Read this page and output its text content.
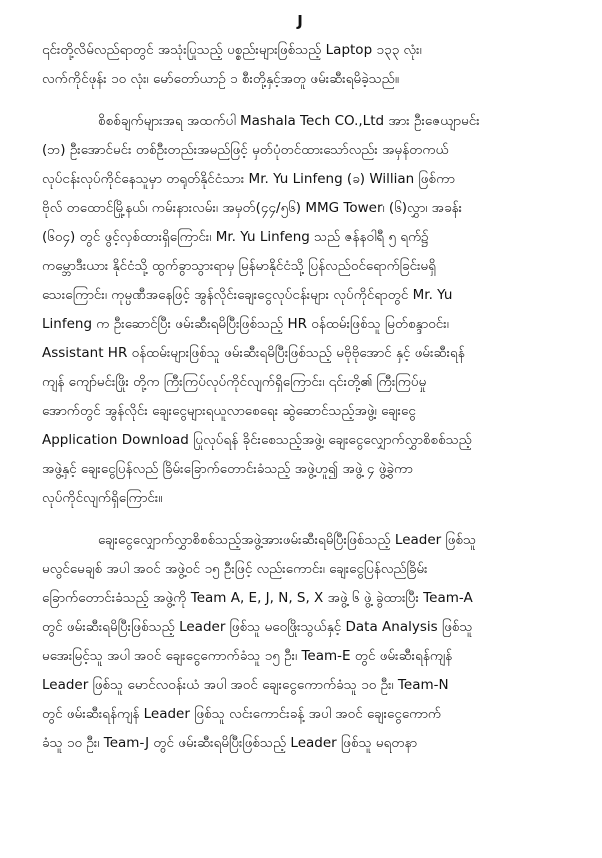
J

၎င်းတို့လိမ်လည်ရာတွင် အသုံးပြုသည့် ပစ္စည်းများဖြစ်သည့် Laptop ၁၃၃ လုံး၊
လက်ကိုင်ဖုန်း ၁၀ လုံး၊ မော်တော်ယာဉ် ၁ စီးတို့နှင့်အတူ ဖမ်းဆီးရမိခဲ့သည်။

စိစစ်ချက်များအရ အထက်ပါ Mashala Tech CO.,Ltd အား ဦးဇေယျာမင်း
(ဘ) ဦးအောင်မင်း တစ်ဦးတည်းအမည်ဖြင့် မှတ်ပုံတင်ထားသော်လည်း အမှန်တကယ်
လုပ်ငန်းလုပ်ကိုင်နေသူမှာ တရုတ်နိုင်ငံသား Mr. Yu Linfeng (ခ) Willian ဖြစ်ကာ
ဗိုလ် တထောင်မြို့နယ်၊ ကမ်းနားလမ်း၊ အမှတ်(၄၄/၅၆) MMG Tower၊ (၆)လွှာ၊ အခန်း
(၆၀၄) တွင် ဖွင့်လှစ်ထားရှိကြောင်း၊ Mr. Yu Linfeng သည် ဇန်နဝါရီ ၅ ရက်၌
ကမ္ဘောဒီးယား နိုင်ငံသို့ ထွက်ခွာသွားရာမှ မြန်မာနိုင်ငံသို့ ပြန်လည်ဝင်ရောက်ခြင်းမရှိ
သေးကြောင်း၊ ကုမ္ပဏီအနေဖြင့် အွန်လိုင်းချေးငွေလုပ်ငန်းများ လုပ်ကိုင်ရာတွင် Mr. Yu
Linfeng က ဦးဆောင်ပြီး ဖမ်းဆီးရမိပြီးဖြစ်သည့် HR ဝန်ထမ်းဖြစ်သူ မြတ်စန္ဒာဝင်း၊
Assistant HR ဝန်ထမ်းများဖြစ်သူ ဖမ်းဆီးရမိပြီးဖြစ်သည့် မဗိုဗိုအောင် နှင့် ဖမ်းဆီးရန်
ကျန် ကျော်မင်းဖြိုး တို့က ကြီးကြပ်လုပ်ကိုင်လျက်ရှိကြောင်း၊ ၎င်းတို့၏ ကြီးကြပ်မှု
အောက်တွင် အွန်လိုင်း ချေးငွေများရယူလာစေရေး ဆွဲဆောင်သည့်အဖွဲ့၊ ချေးငွေ
Application Download ပြုလုပ်ရန် ခိုင်းစေသည့်အဖွဲ့၊ ချေးငွေလျှောက်လွှာစိစစ်သည့်
အဖွဲ့နှင့် ချေးငွေပြန်လည် ခြိမ်းခြောက်တောင်းခံသည့် အဖွဲ့ဟူ၍ အဖွဲ့ ၄ ဖွဲ့ခွဲကာ
လုပ်ကိုင်လျက်ရှိကြောင်း။

ချေးငွေလျှောက်လွှာစိစစ်သည့်အဖွဲ့အားဖမ်းဆီးရမိပြီးဖြစ်သည့် Leader ဖြစ်သူ
မလွင်မေချစ် အပါ အဝင် အဖွဲ့ဝင် ၁၅ ဦးဖြင့် လည်းကောင်း၊ ချေးငွေပြန်လည်ခြိမ်း
ခြောက်တောင်းခံသည့် အဖွဲ့ကို Team A, E, J, N, S, X အဖွဲ့ ၆ ဖွဲ့ ခွဲထားပြီး Team-A
တွင် ဖမ်းဆီးရမိပြီးဖြစ်သည့် Leader ဖြစ်သူ မဝေဖြိုးသွယ်နှင့် Data Analysis ဖြစ်သူ
မအေးမြင့်သူ အပါ အဝင် ချေးငွေကောက်ခံသူ ၁၅ ဦး၊ Team-E တွင် ဖမ်းဆီးရန်ကျန်
Leader ဖြစ်သူ မောင်လဝန်းယံ အပါ အဝင် ချေးငွေကောက်ခံသူ ၁၀ ဦး၊ Team-N
တွင် ဖမ်းဆီးရန်ကျန် Leader ဖြစ်သူ လင်းကောင်းခန့် အပါ အဝင် ချေးငွေကောက်
ခံသူ ၁၀ ဦး၊ Team-J တွင် ဖမ်းဆီးရမိပြီးဖြစ်သည့် Leader ဖြစ်သူ မရတနာ
